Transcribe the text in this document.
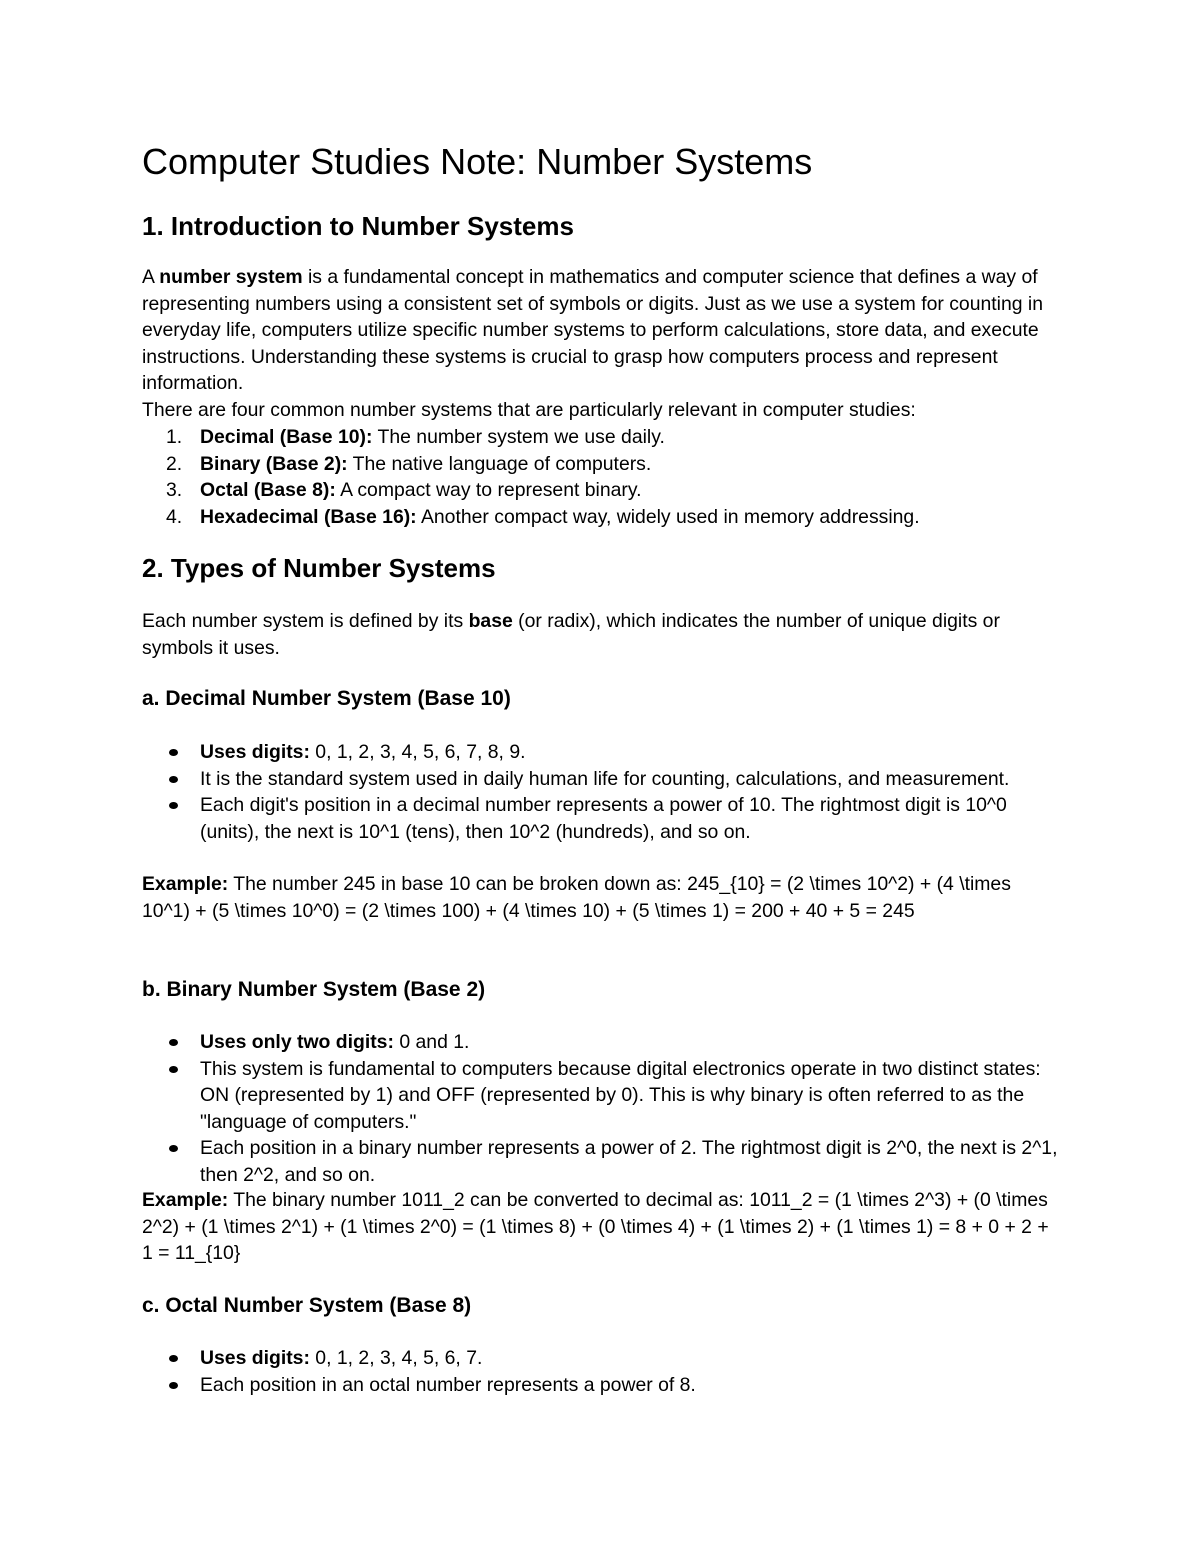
Computer Studies Note: Number Systems
1. Introduction to Number Systems

A number system is a fundamental concept in mathematics and computer science that defines a way of representing numbers using a consistent set of symbols or digits. Just as we use a system for counting in everyday life, computers utilize specific number systems to perform calculations, store data, and execute instructions. Understanding these systems is crucial to grasp how computers process and represent information.

There are four common number systems that are particularly relevant in computer studies:

1. Decimal (Base 10): The number system we use daily.
2. Binary (Base 2): The native language of computers.
3. Octal (Base 8): A compact way to represent binary.
4. Hexadecimal (Base 16): Another compact way, widely used in memory addressing.
2. Types of Number Systems

Each number system is defined by its base (or radix), which indicates the number of unique digits or symbols it uses.

a. Decimal Number System (Base 10)
Uses digits: 0, 1, 2, 3, 4, 5, 6, 7, 8, 9.
It is the standard system used in daily human life for counting, calculations, and measurement.
Each digit's position in a decimal number represents a power of 10. The rightmost digit is 10^0 (units), the next is 10^1 (tens), then 10^2 (hundreds), and so on.

Example: The number 245 in base 10 can be broken down as: 245_{10} = (2 \times 10^2) + (4 \times 10^1) + (5 \times 10^0) = (2 \times 100) + (4 \times 10) + (5 \times 1) = 200 + 40 + 5 = 245

b. Binary Number System (Base 2)
Uses only two digits: 0 and 1.
This system is fundamental to computers because digital electronics operate in two distinct states: ON (represented by 1) and OFF (represented by 0). This is why binary is often referred to as the "language of computers."
Each position in a binary number represents a power of 2. The rightmost digit is 2^0, the next is 2^1, then 2^2, and so on.

Example: The binary number 1011_2 can be converted to decimal as: 1011_2 = (1 \times 2^3) + (0 \times 2^2) + (1 \times 2^1) + (1 \times 2^0) = (1 \times 8) + (0 \times 4) + (1 \times 2) + (1 \times 1) = 8 + 0 + 2 + 1 = 11_{10}

c. Octal Number System (Base 8)
Uses digits: 0, 1, 2, 3, 4, 5, 6, 7.
Each position in an octal number represents a power of 8.
